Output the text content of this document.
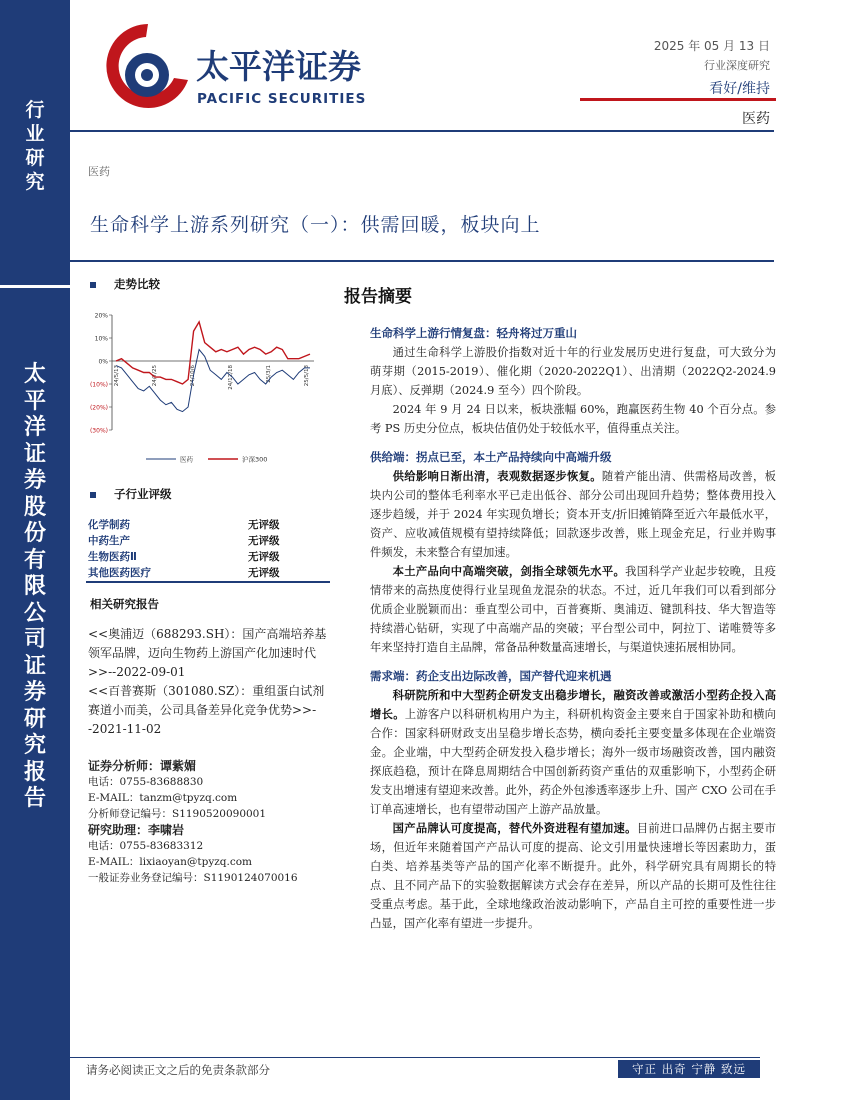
行
业
研
究
太
平
洋
证
券
股
份
有
限
公
司
证
券
研
究
报
告
太平洋证券
PACIFIC SECURITIES
2025 年 05 月 13 日
行业深度研究
看好/维持
医药
医药
生命科学上游系列研究（一）：供需回暖，板块向上
走势比较
20%
10%
0%
(10%)
(20%)
(30%)
24/5/13	24/7/25	24/10/6	24/12/18	25/3/1	25/5/13
医药	沪深300
子行业评级
化学制药	无评级
中药生产	无评级
生物医药Ⅱ	无评级
其他医药医疗	无评级
相关研究报告

<<奥浦迈（688293.SH）：国产高端培养基领军品牌，迈向生物药上游国产化加速时代>>--2022-09-01

<<百普赛斯（301080.SZ）：重组蛋白试剂赛道小而美，公司具备差异化竞争优势>>--2021-11-02

证券分析师：谭紫媚
电话：0755-83688830
E-MAIL：tanzm@tpyzq.com
分析师登记编号：S1190520090001
研究助理：李啸岩
电话：0755-83683312
E-MAIL：lixiaoyan@tpyzq.com
一般证券业务登记编号：S1190124070016
报告摘要
生命科学上游行情复盘：轻舟将过万重山

通过生命科学上游股价指数对近十年的行业发展历史进行复盘，可大致分为萌芽期（2015-2019）、催化期（2020-2022Q1）、出清期（2022Q2-2024.9 月底）、反弹期（2024.9 至今）四个阶段。

2024 年 9 月 24 日以来，板块涨幅 60%，跑赢医药生物 40 个百分点。参考 PS 历史分位点，板块估值仍处于较低水平，值得重点关注。

供给端：拐点已至，本土产品持续向中高端升级

供给影响日渐出清，表观数据逐步恢复。随着产能出清、供需格局改善，板块内公司的整体毛利率水平已走出低谷、部分公司出现回升趋势；整体费用投入逐步趋缓，并于 2024 年实现负增长；资本开支/折旧摊销降至近六年最低水平，资产、应收减值规模有望持续降低；回款逐步改善，账上现金充足，行业并购事件频发，未来整合有望加速。

本土产品向中高端突破，剑指全球领先水平。我国科学产业起步较晚，且疫情带来的高热度使得行业呈现鱼龙混杂的状态。不过，近几年我们可以看到部分优质企业脱颖而出：垂直型公司中，百普赛斯、奥浦迈、键凯科技、华大智造等持续潜心钻研，实现了中高端产品的突破；平台型公司中，阿拉丁、诺唯赞等多年来坚持打造自主品牌，常备品种数量高速增长，与渠道快速拓展相协同。

需求端：药企支出边际改善，国产替代迎来机遇

科研院所和中大型药企研发支出稳步增长，融资改善或激活小型药企投入高增长。上游客户以科研机构用户为主，科研机构资金主要来自于国家补助和横向合作：国家科研财政支出呈稳步增长态势，横向委托主要变量多体现在企业端资金。企业端，中大型药企研发投入稳步增长；海外一级市场融资改善，国内融资探底趋稳，预计在降息周期结合中国创新药资产重估的双重影响下，小型药企研发支出增速有望迎来改善。此外，药企外包渗透率逐步上升、国产 CXO 公司在手订单高速增长，也有望带动国产上游产品放量。

国产品牌认可度提高，替代外资进程有望加速。目前进口品牌仍占据主要市场，但近年来随着国产产品认可度的提高、论文引用量快速增长等因素助力，蛋白类、培养基类等产品的国产化率不断提升。此外，科学研究具有周期长的特点、且不同产品下的实验数据解读方式会存在差异，所以产品的长期可及性往往受重点考虑。基于此，全球地缘政治波动影响下，产品自主可控的重要性进一步凸显，国产化率有望进一步提升。

请务必阅读正文之后的免责条款部分	守正 出奇 宁静 致远
